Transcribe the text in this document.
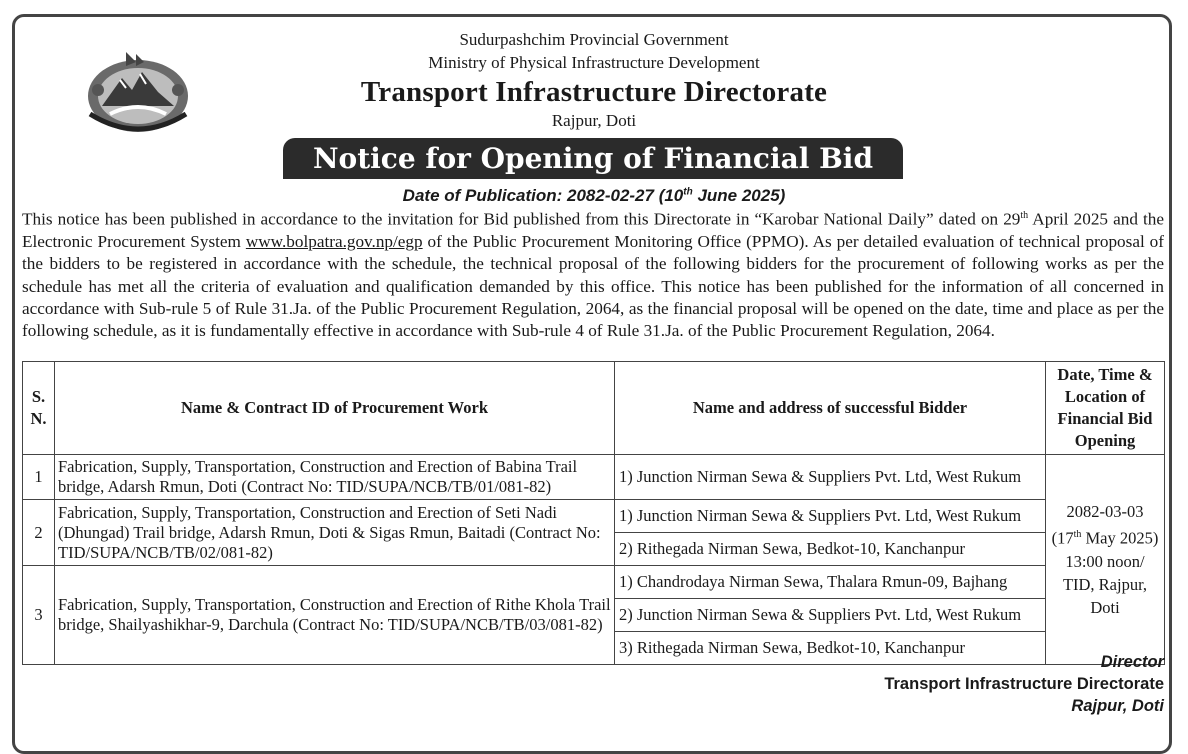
Sudurpashchim Provincial Government
Ministry of Physical Infrastructure Development
Transport Infrastructure Directorate
Rajpur, Doti
Notice for Opening of Financial Bid
Date of Publication: 2082-02-27 (10th June 2025)
This notice has been published in accordance to the invitation for Bid published from this Directorate in “Karobar National Daily” dated on 29th April 2025 and the Electronic Procurement System www.bolpatra.gov.np/egp of the Public Procurement Monitoring Office (PPMO). As per detailed evaluation of technical proposal of the bidders to be registered in accordance with the schedule, the technical proposal of the following bidders for the procurement of following works as per the schedule has met all the criteria of evaluation and qualification demanded by this office. This notice has been published for the information of all concerned in accordance with Sub-rule 5 of Rule 31.Ja. of the Public Procurement Regulation, 2064, as the financial proposal will be opened on the date, time and place as per the following schedule, as it is fundamentally effective in accordance with Sub-rule 4 of Rule 31.Ja. of the Public Procurement Regulation, 2064.
S. N.	Name & Contract ID of Procurement Work	Name and address of successful Bidder	Date, Time & Location of Financial Bid Opening
1	Fabrication, Supply, Transportation, Construction and Erection of Babina Trail bridge, Adarsh Rmun, Doti (Contract No: TID/SUPA/NCB/TB/01/081-82)	1) Junction Nirman Sewa & Suppliers Pvt. Ltd, West Rukum	2082-03-03
(17th May 2025)
13:00 noon/
TID, Rajpur, Doti

2	Fabrication, Supply, Transportation, Construction and Erection of Seti Nadi (Dhungad) Trail bridge, Adarsh Rmun, Doti & Sigas Rmun, Baitadi (Contract No: TID/SUPA/NCB/TB/02/081-82)	1) Junction Nirman Sewa & Suppliers Pvt. Ltd, West Rukum	
		2) Rithegada Nirman Sewa, Bedkot-10, Kanchanpur	
3	Fabrication, Supply, Transportation, Construction and Erection of Rithe Khola Trail bridge, Shailyashikhar-9, Darchula (Contract No: TID/SUPA/NCB/TB/03/081-82)	1) Chandrodaya Nirman Sewa, Thalara Rmun-09, Bajhang	
		2) Junction Nirman Sewa & Suppliers Pvt. Ltd, West Rukum	
		3) Rithegada Nirman Sewa, Bedkot-10, Kanchanpur	
Director
Transport Infrastructure Directorate
Rajpur, Doti
